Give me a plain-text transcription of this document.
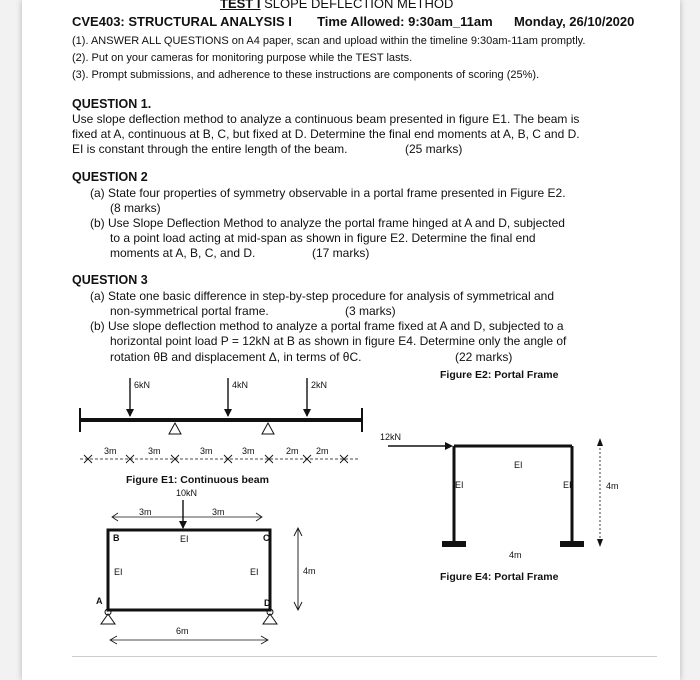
TEST I SLOPE DEFLECTION METHOD
CVE403: STRUCTURAL ANALYSIS I Time Allowed: 9:30am_11am Monday, 26/10/2020
(1). ANSWER ALL QUESTIONS on A4 paper, scan and upload within the timeline 9:30am-11am promptly.
(2). Put on your cameras for monitoring purpose while the TEST lasts.
(3). Prompt submissions, and adherence to these instructions are components of scoring (25%).
QUESTION 1.
Use slope deflection method to analyze a continuous beam presented in figure E1. The beam is
fixed at A, continuous at B, C, but fixed at D. Determine the final end moments at A, B, C and D.
EI is constant through the entire length of the beam.	(25 marks)
QUESTION 2
(a) State four properties of symmetry observable in a portal frame presented in Figure E2.
(8 marks)
(b) Use Slope Deflection Method to analyze the portal frame hinged at A and D, subjected
to a point load acting at mid-span as shown in figure E2. Determine the final end
moments at A, B, C, and D.	(17 marks)
QUESTION 3
(a) State one basic difference in step-by-step procedure for analysis of symmetrical and
non-symmetrical portal frame.	(3 marks)
(b) Use slope deflection method to analyze a portal frame fixed at A and D, subjected to a
horizontal point load P = 12kN at B as shown in figure E4. Determine only the angle of
rotation θB and displacement Δ, in terms of θC.	(22 marks)
Figure E2: Portal Frame
Figure E1: Continuous beam
Figure E4: Portal Frame
6kN	4kN	2kN
3m	3m	3m	3m	2m 2m
10kN
3m	3m
EI
EI	EI	4m
6m
A
B	C
D
12kN
EI
EI	EI	4m
4m
